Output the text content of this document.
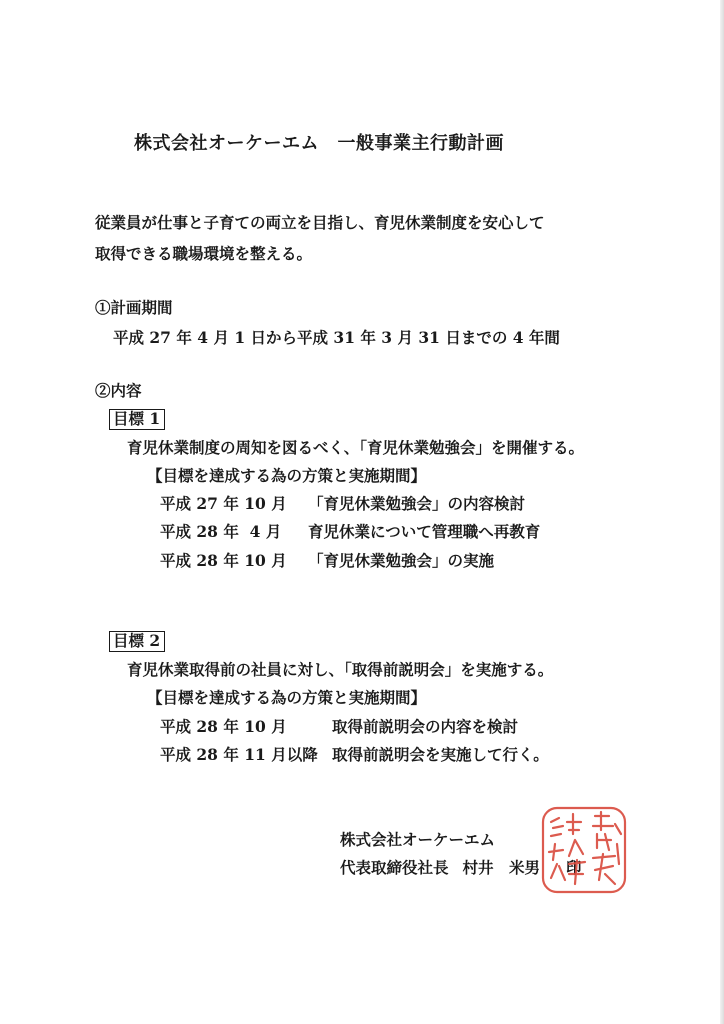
株式会社オーケーエム　一般事業主行動計画
従業員が仕事と子育ての両立を目指し、育児休業制度を安心して
取得できる職場環境を整える。
①計画期間
平成 27 年 4 月 1 日から平成 31 年 3 月 31 日までの 4 年間
②内容
目標 1
育児休業制度の周知を図るべく、「育児休業勉強会」を開催する。
【目標を達成する為の方策と実施期間】
平成 27 年 10 月 「育児休業勉強会」の内容検討
平成 28 年  4 月 育児休業について管理職へ再教育
平成 28 年 10 月 「育児休業勉強会」の実施
目標 2
育児休業取得前の社員に対し、「取得前説明会」を実施する。
【目標を達成する為の方策と実施期間】
平成 28 年 10 月	取得前説明会の内容を検討
平成 28 年 11 月以降 取得前説明会を実施して行く。
株式会社オーケーエム
代表取締役社長 村井　米男 印
